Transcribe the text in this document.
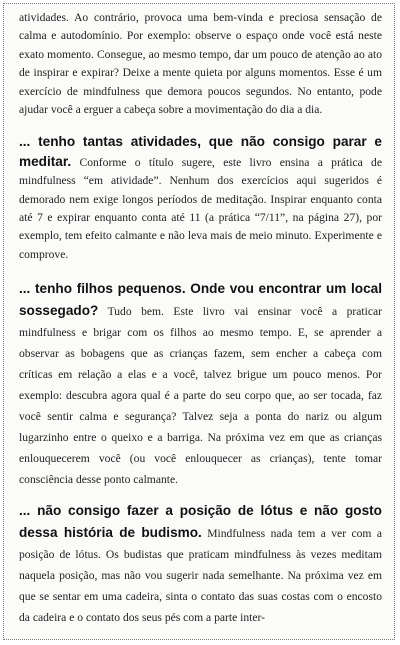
atividades. Ao contrário, provoca uma bem-vinda e preciosa sensação de calma e autodomínio. Por exemplo: observe o espaço onde você está neste exato momento. Consegue, ao mesmo tempo, dar um pouco de atenção ao ato de inspirar e expirar? Deixe a mente quieta por alguns momentos. Esse é um exercício de mindfulness que demora poucos segundos. No entanto, pode ajudar você a erguer a cabeça sobre a movimentação do dia a dia.

... tenho tantas atividades, que não consigo parar e meditar. Conforme o título sugere, este livro ensina a prática de mindfulness “em atividade”. Nenhum dos exercícios aqui sugeridos é demorado nem exige longos períodos de meditação. Inspirar enquanto conta até 7 e expirar enquanto conta até 11 (a prática “7/11”, na página 27), por exemplo, tem efeito calmante e não leva mais de meio minuto. Experimente e comprove.

... tenho filhos pequenos. Onde vou encontrar um local sossegado? Tudo bem. Este livro vai ensinar você a praticar mindfulness e brigar com os filhos ao mesmo tempo. E, se aprender a observar as bobagens que as crianças fazem, sem encher a cabeça com críticas em relação a elas e a você, talvez brigue um pouco menos. Por exemplo: descubra agora qual é a parte do seu corpo que, ao ser tocada, faz você sentir calma e segurança? Talvez seja a ponta do nariz ou algum lugarzinho entre o queixo e a barriga. Na próxima vez em que as crianças enlouquecerem você (ou você enlouquecer as crianças), tente tomar consciência desse ponto calmante.

... não consigo fazer a posição de lótus e não gosto dessa história de budismo. Mindfulness nada tem a ver com a posição de lótus. Os budistas que praticam mindfulness às vezes meditam naquela posição, mas não vou sugerir nada semelhante. Na próxima vez em que se sentar em uma cadeira, sinta o contato das suas costas com o encosto da cadeira e o contato dos seus pés com a parte inter-
